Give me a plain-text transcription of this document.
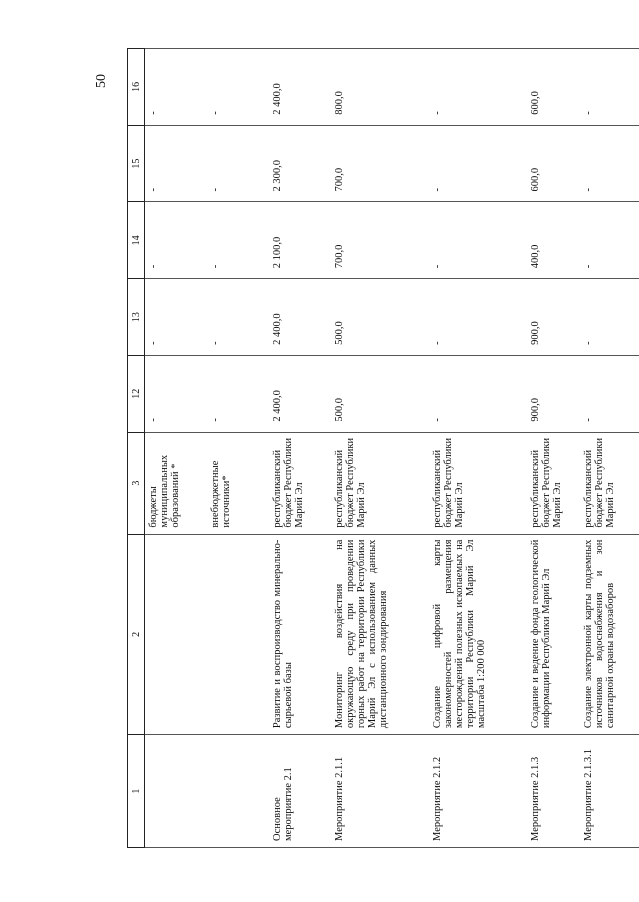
50
1	2	3	12	13	14	15	16

		бюджеты муниципальных образований *	-	-	-	-	-

		внебюджетные источники*	-	-	-	-	-
Основное мероприятие 2.1	Развитие и воспроизводство минерально-сырьевой базы	республиканский бюджет Республики Марий Эл	2 400,0	2 400,0	2 100,0	2 300,0	2 400,0
Мероприятие 2.1.1	Мониторинг воздействия на окружающую среду при проведении горных работ на территории Республики Марий Эл с использованием данных дистанционного зондирования	республиканский бюджет Республики Марий Эл	500,0	500,0	700,0	700,0	800,0
Мероприятие 2.1.2	Создание цифровой карты закономерностей размещения месторождений полезных ископаемых на территории Республики Марий Эл масштаба 1:200 000	республиканский бюджет Республики Марий Эл	-	-	-	-	-
Мероприятие 2.1.3	Создание и ведение фонда геологической информации Республики Марий Эл	республиканский бюджет Республики Марий Эл	900,0	900,0	400,0	600,0	600,0
Мероприятие 2.1.3.1	Создание электронной карты подземных источников водоснабжения и зон санитарной охраны водозаборов	республиканский бюджет Республики Марий Эл	-	-	-	-	-
